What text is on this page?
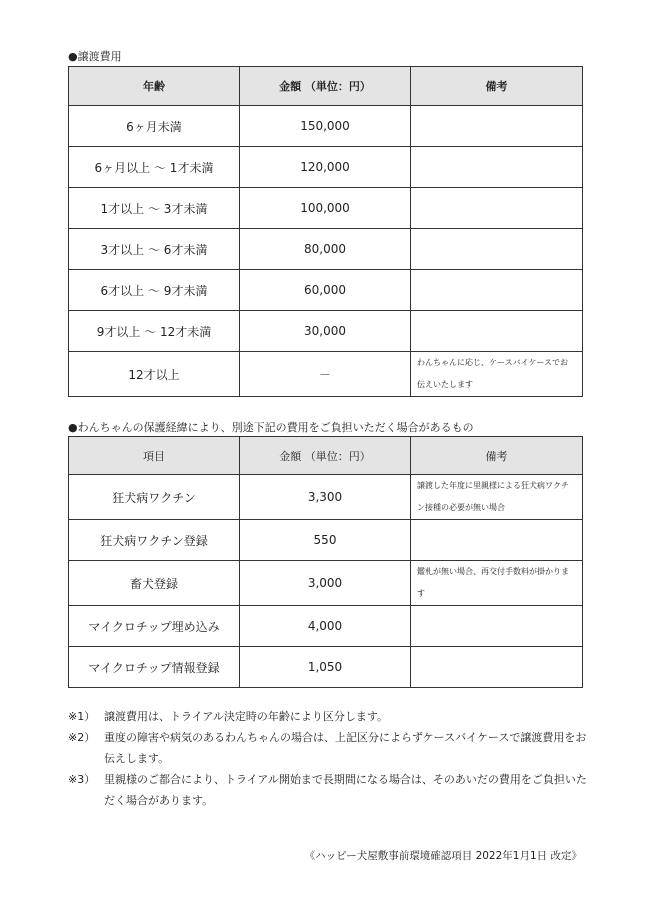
●譲渡費用
年齢	金額 （単位：円）	備考
6ヶ月未満	150,000	
6ヶ月以上 ～ 1才未満	120,000	
1才以上 ～ 3才未満	100,000	
3才以上 ～ 6才未満	80,000	
6才以上 ～ 9才未満	60,000	
9才以上 ～ 12才未満	30,000	
12才以上	－	わんちゃんに応じ、ケースバイケースでお伝えいたします
●わんちゃんの保護経緯により、別途下記の費用をご負担いただく場合があるもの
項目	金額 （単位：円）	備考
狂犬病ワクチン	3,300	譲渡した年度に里親様による狂犬病ワクチン接種の必要が無い場合
狂犬病ワクチン登録	550	
畜犬登録	3,000	鑑札が無い場合、再交付手数料が掛かります
マイクロチップ埋め込み	4,000	
マイクロチップ情報登録	1,050	
※1） 譲渡費用は、トライアル決定時の年齢により区分します。
※2） 重度の障害や病気のあるわんちゃんの場合は、上記区分によらずケースバイケースで譲渡費用をお伝えします。
※3） 里親様のご都合により、トライアル開始まで長期間になる場合は、そのあいだの費用をご負担いただく場合があります。
《ハッピー犬屋敷事前環境確認項目 2022年1月1日 改定》
